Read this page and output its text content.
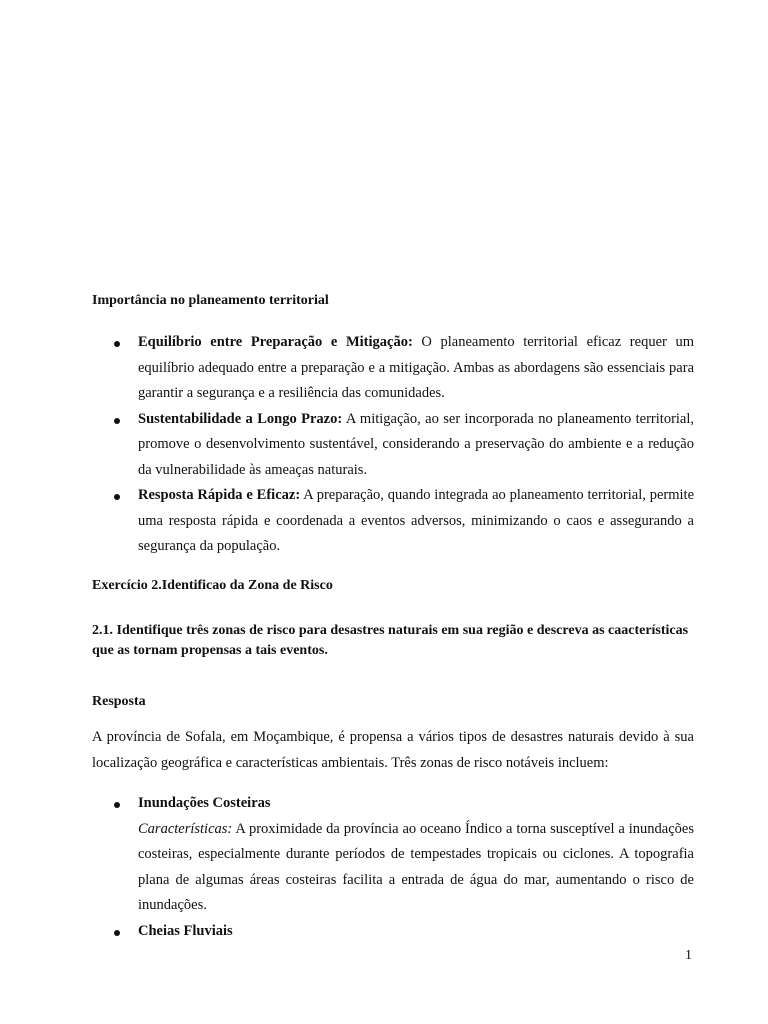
Importância no planeamento territorial
Equilíbrio entre Preparação e Mitigação: O planeamento territorial eficaz requer um equilíbrio adequado entre a preparação e a mitigação. Ambas as abordagens são essenciais para garantir a segurança e a resiliência das comunidades.
Sustentabilidade a Longo Prazo: A mitigação, ao ser incorporada no planeamento territorial, promove o desenvolvimento sustentável, considerando a preservação do ambiente e a redução da vulnerabilidade às ameaças naturais.
Resposta Rápida e Eficaz: A preparação, quando integrada ao planeamento territorial, permite uma resposta rápida e coordenada a eventos adversos, minimizando o caos e assegurando a segurança da população.
Exercício 2.Identificao da Zona de Risco

2.1. Identifique três zonas de risco para desastres naturais em sua região e descreva as caacterísticas que as tornam propensas a tais eventos.

Resposta

A província de Sofala, em Moçambique, é propensa a vários tipos de desastres naturais devido à sua localização geográfica e características ambientais. Três zonas de risco notáveis incluem:

Inundações Costeiras
Características: A proximidade da província ao oceano Índico a torna susceptível a inundações costeiras, especialmente durante períodos de tempestades tropicais ou ciclones. A topografia plana de algumas áreas costeiras facilita a entrada de água do mar, aumentando o risco de inundações.
Cheias Fluviais
1
